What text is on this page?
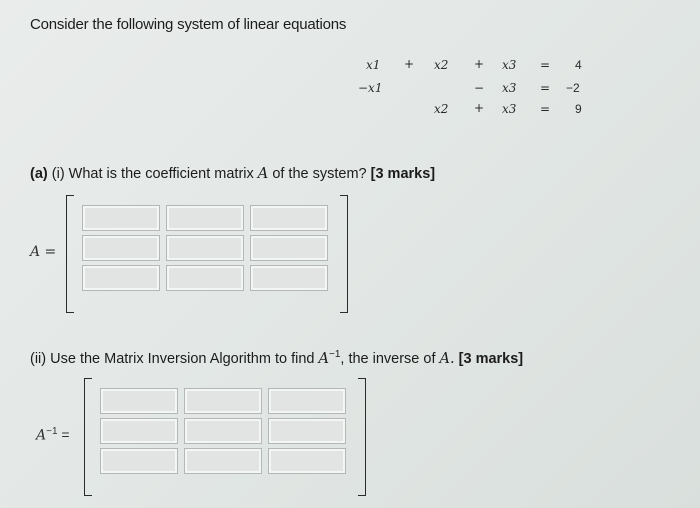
Consider the following system of linear equations
x1 + x2 + x3 = 4
−x1	− x3 = −2
x2 + x3 = 9
(a) (i) What is the coefficient matrix A of the system? [3 marks]
A =
(ii) Use the Matrix Inversion Algorithm to find $A^{-1}$, the inverse of A. [3 marks]
$A^{-1}$ =
